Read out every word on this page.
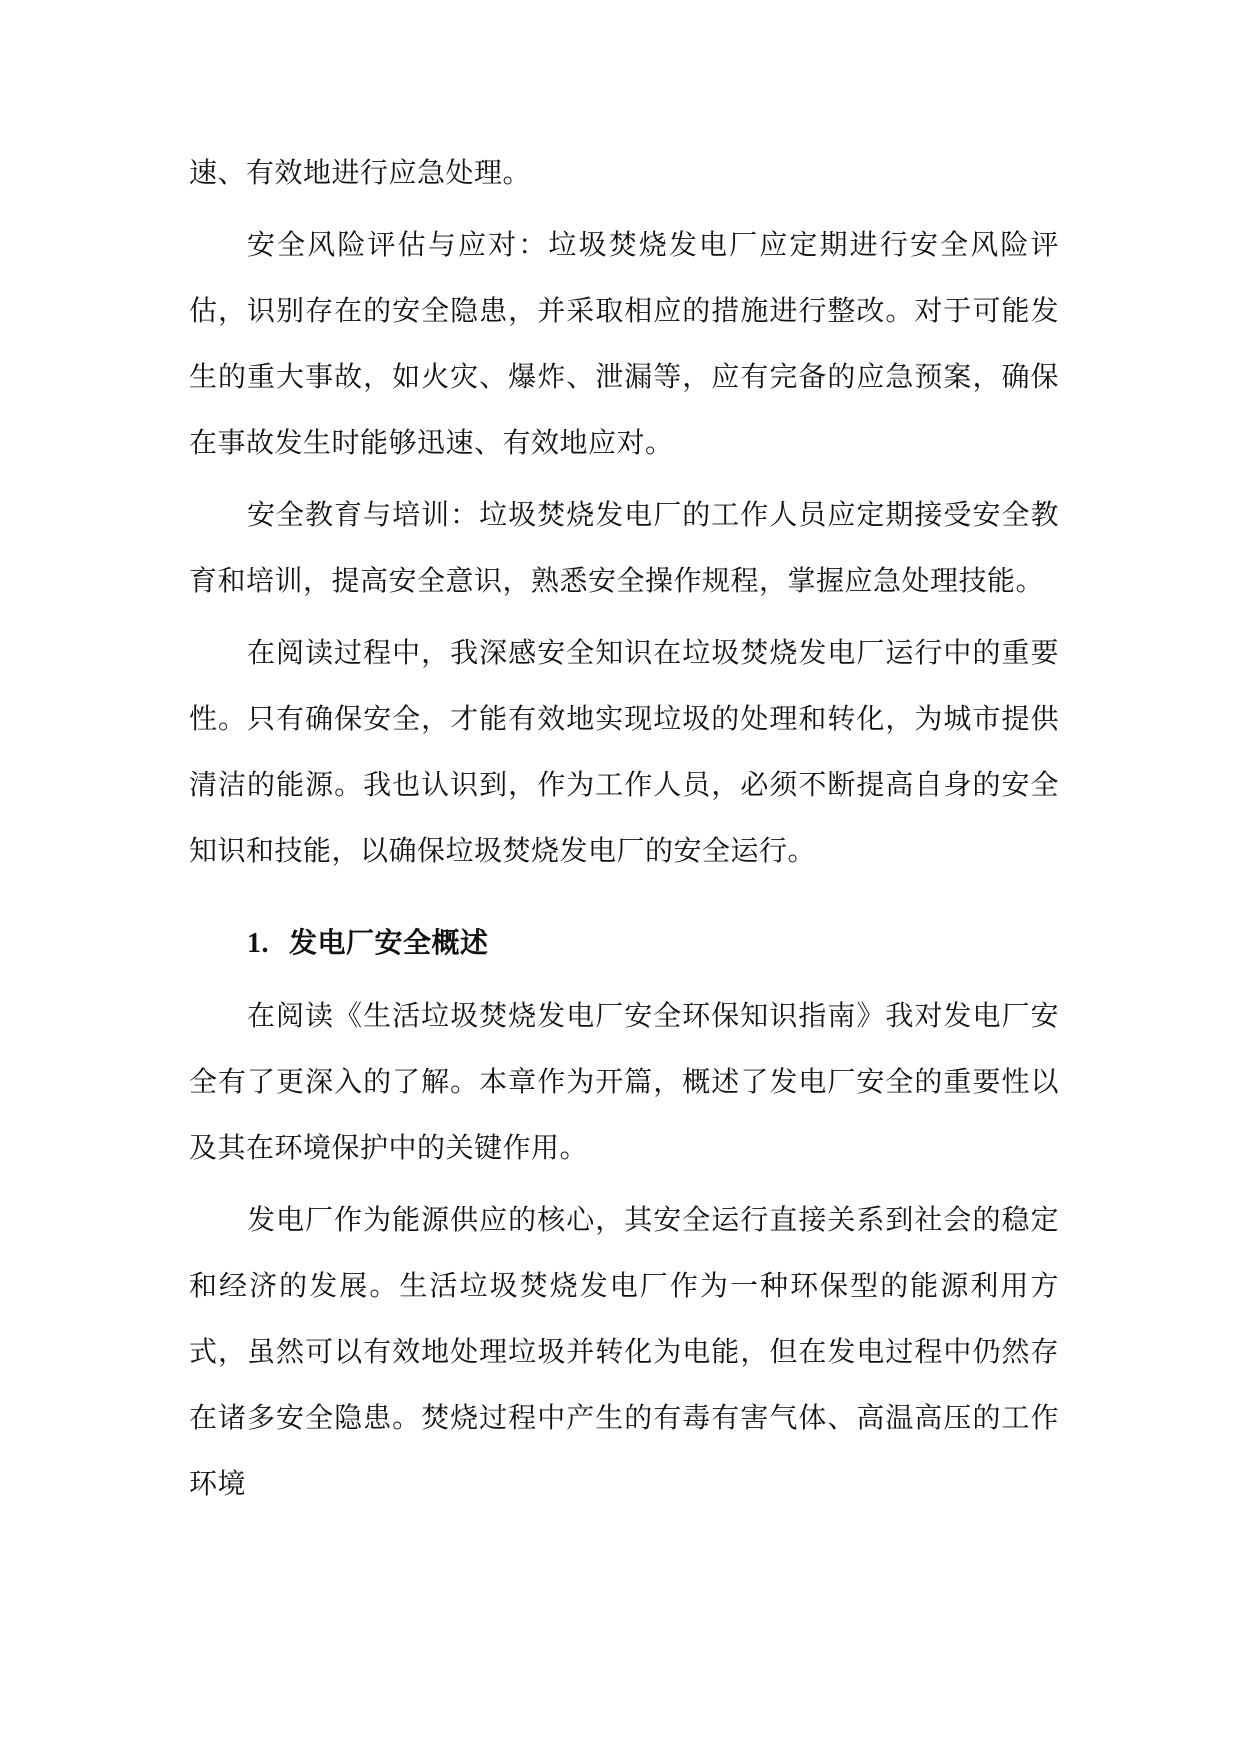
速、有效地进行应急处理。

安全风险评估与应对：垃圾焚烧发电厂应定期进行安全风险评估，识别存在的安全隐患，并采取相应的措施进行整改。对于可能发生的重大事故，如火灾、爆炸、泄漏等，应有完备的应急预案，确保在事故发生时能够迅速、有效地应对。

安全教育与培训：垃圾焚烧发电厂的工作人员应定期接受安全教育和培训，提高安全意识，熟悉安全操作规程，掌握应急处理技能。

在阅读过程中，我深感安全知识在垃圾焚烧发电厂运行中的重要性。只有确保安全，才能有效地实现垃圾的处理和转化，为城市提供清洁的能源。我也认识到，作为工作人员，必须不断提高自身的安全知识和技能，以确保垃圾焚烧发电厂的安全运行。

1. 发电厂安全概述

在阅读《生活垃圾焚烧发电厂安全环保知识指南》我对发电厂安全有了更深入的了解。本章作为开篇，概述了发电厂安全的重要性以及其在环境保护中的关键作用。

发电厂作为能源供应的核心，其安全运行直接关系到社会的稳定和经济的发展。生活垃圾焚烧发电厂作为一种环保型的能源利用方式，虽然可以有效地处理垃圾并转化为电能，但在发电过程中仍然存在诸多安全隐患。焚烧过程中产生的有毒有害气体、高温高压的工作环境
